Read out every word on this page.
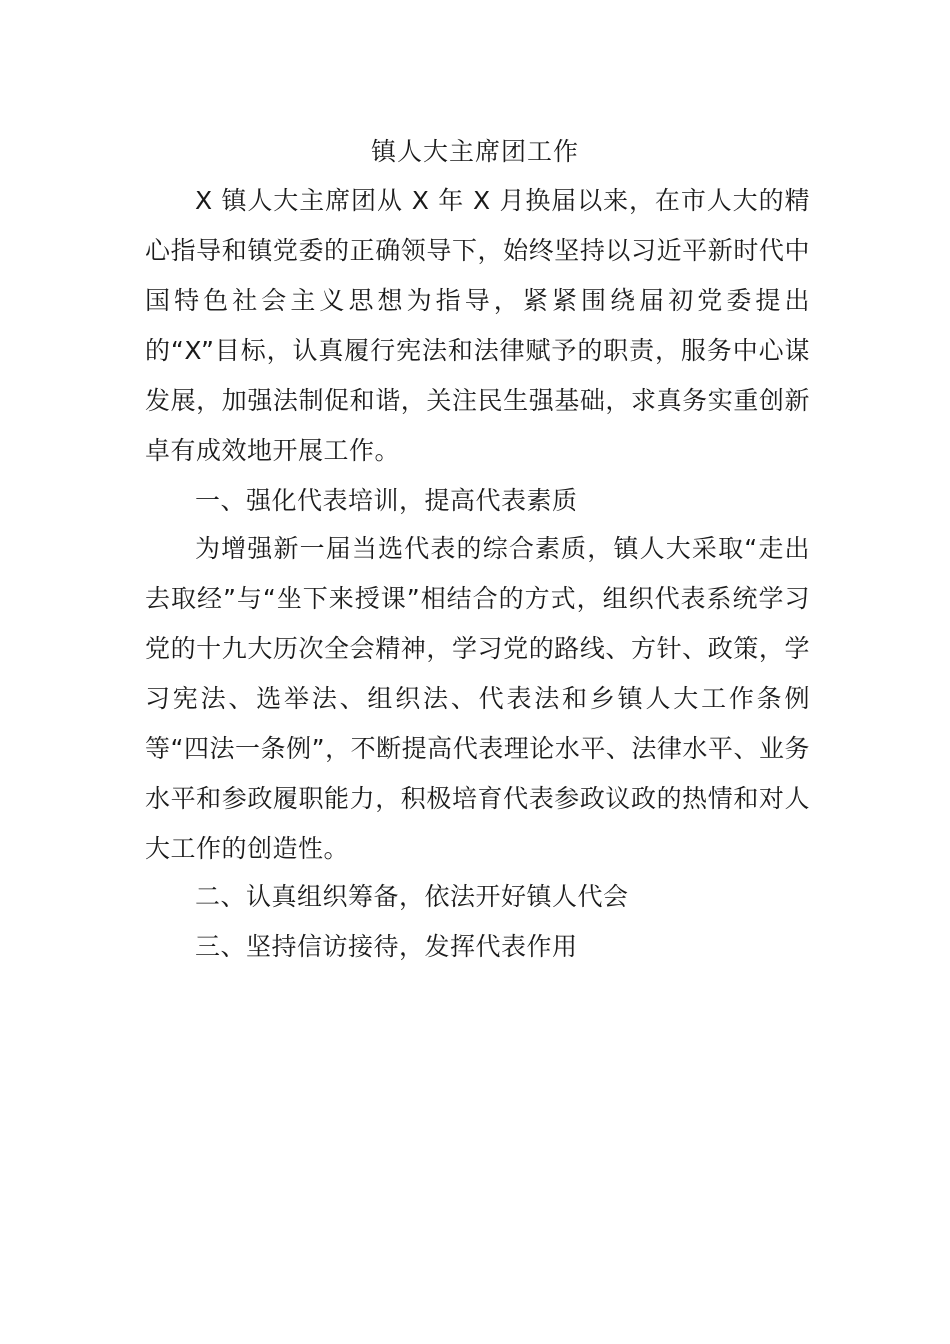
镇人大主席团工作

X 镇人大主席团从 X 年 X 月换届以来，在市人大的精心指导和镇党委的正确领导下，始终坚持以习近平新时代中国特色社会主义思想为指导，紧紧围绕届初党委提出的“X”目标，认真履行宪法和法律赋予的职责，服务中心谋发展，加强法制促和谐，关注民生强基础，求真务实重创新卓有成效地开展工作。

一、强化代表培训，提高代表素质

为增强新一届当选代表的综合素质，镇人大采取“走出去取经”与“坐下来授课”相结合的方式，组织代表系统学习党的十九大历次全会精神，学习党的路线、方针、政策，学习宪法、选举法、组织法、代表法和乡镇人大工作条例等“四法一条例”，不断提高代表理论水平、法律水平、业务水平和参政履职能力，积极培育代表参政议政的热情和对人大工作的创造性。

二、认真组织筹备，依法开好镇人代会

三、坚持信访接待，发挥代表作用
